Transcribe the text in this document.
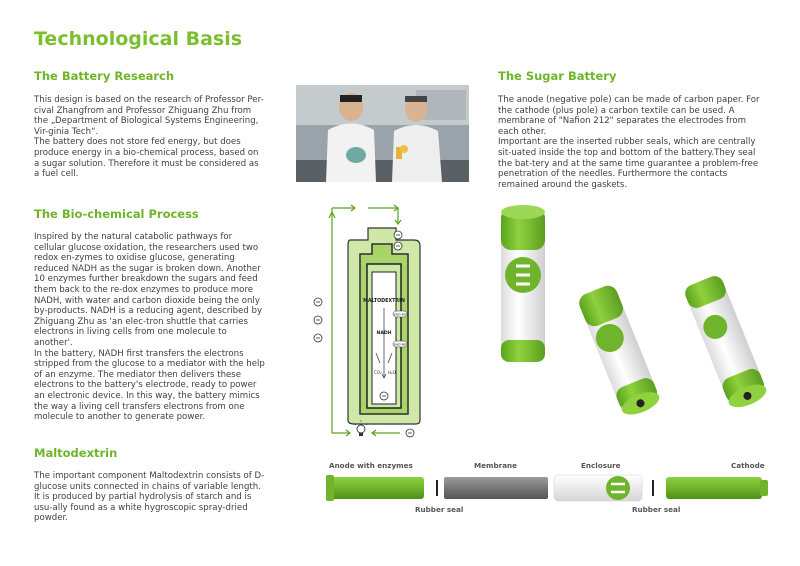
Technological Basis
The Battery Research
This design is based on the research of Professor Per-cival Zhangfrom and Professor Zhiguang Zhu from the „Department of Biological Systems Engineering, Vir-ginia Tech“.
The battery does not store fed energy, but does produce energy in a bio-chemical process, based on a sugar solution. Therefore it must be considered as
a fuel cell.
The Sugar Battery
The anode (negative pole) can be made of carbon paper. For the cathode (plus pole) a carbon textile can be used. A membrane of "Nafion 212" separates the electrodes from each other.
Important are the inserted rubber seals, which are centrally sit-uated inside the top and bottom of the battery.They seal the bat-tery and at the same time guarantee a problem-free penetration of the needles. Furthermore the contacts remained around the gaskets.
The Bio-chemical Process
Inspired by the natural catabolic pathways for cellular glucose oxidation, the researchers used two redox en-zymes to oxidise glucose, generating reduced NADH as the sugar is broken down. Another 10 enzymes further breakdown the sugars and feed them back to the re-dox enzymes to produce more NADH, with water and carbon dioxide being the only by-products. NADH is a reducing agent, described by Zhiguang Zhu as 'an elec-tron shuttle that carries electrons in living cells from one molecule to another'.
In the battery, NADH first transfers the electrons stripped from the glucose to a mediator with the help of an enzyme. The mediator then delivers these electrons to the battery's electrode, ready to power an electronic device. In this way, the battery mimics the way a living cell transfers electrons from one molecule to another to generate power.
Maltodextrin
The important component Maltodextrin consists of D-glucose units connected in chains of variable length. It is produced by partial hydrolysis of starch and is usu-ally found as a white hygroscopic spray-dried powder.
MALTODEXTRIN
NADH
ENZYME
ENZYME
CO₂ H₂O
Anode with enzymes	Membrane	Enclosure	Cathode
Rubber seal	Rubber seal
